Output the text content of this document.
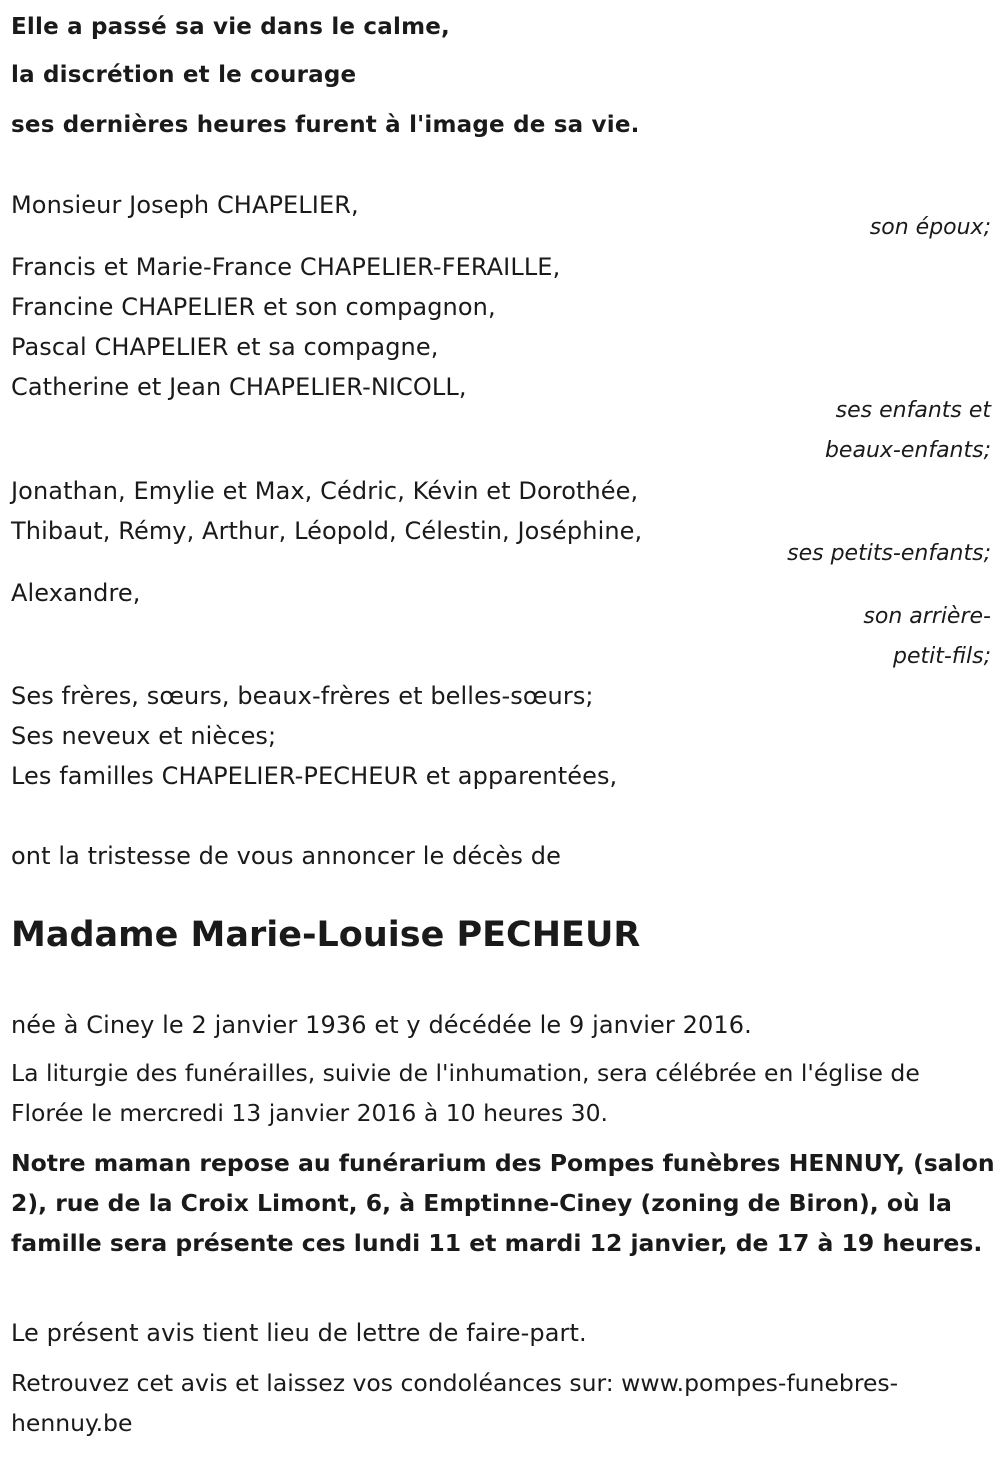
Elle a passé sa vie dans le calme,
la discrétion et le courage
ses dernières heures furent à l'image de sa vie.
Monsieur Joseph CHAPELIER,
son époux;
Francis et Marie-France CHAPELIER-FERAILLE,
Francine CHAPELIER et son compagnon,
Pascal CHAPELIER et sa compagne,
Catherine et Jean CHAPELIER-NICOLL,
ses enfants et
beaux-enfants;
Jonathan, Emylie et Max, Cédric, Kévin et Dorothée,
Thibaut, Rémy, Arthur, Léopold, Célestin, Joséphine,
ses petits-enfants;
Alexandre,
son arrière-
petit-fils;
Ses frères, sœurs, beaux-frères et belles-sœurs;
Ses neveux et nièces;
Les familles CHAPELIER-PECHEUR et apparentées,
ont la tristesse de vous annoncer le décès de
Madame Marie-Louise PECHEUR
née à Ciney le 2 janvier 1936 et y décédée le 9 janvier 2016.
La liturgie des funérailles, suivie de l'inhumation, sera célébrée en l'église de Florée le mercredi 13 janvier 2016 à 10 heures 30.
Notre maman repose au funérarium des Pompes funèbres HENNUY, (salon 2), rue de la Croix Limont, 6, à Emptinne-Ciney (zoning de Biron), où la famille sera présente ces lundi 11 et mardi 12 janvier, de 17 à 19 heures.
Le présent avis tient lieu de lettre de faire-part.
Retrouvez cet avis et laissez vos condoléances sur: www.pompes-funebres-hennuy.be
